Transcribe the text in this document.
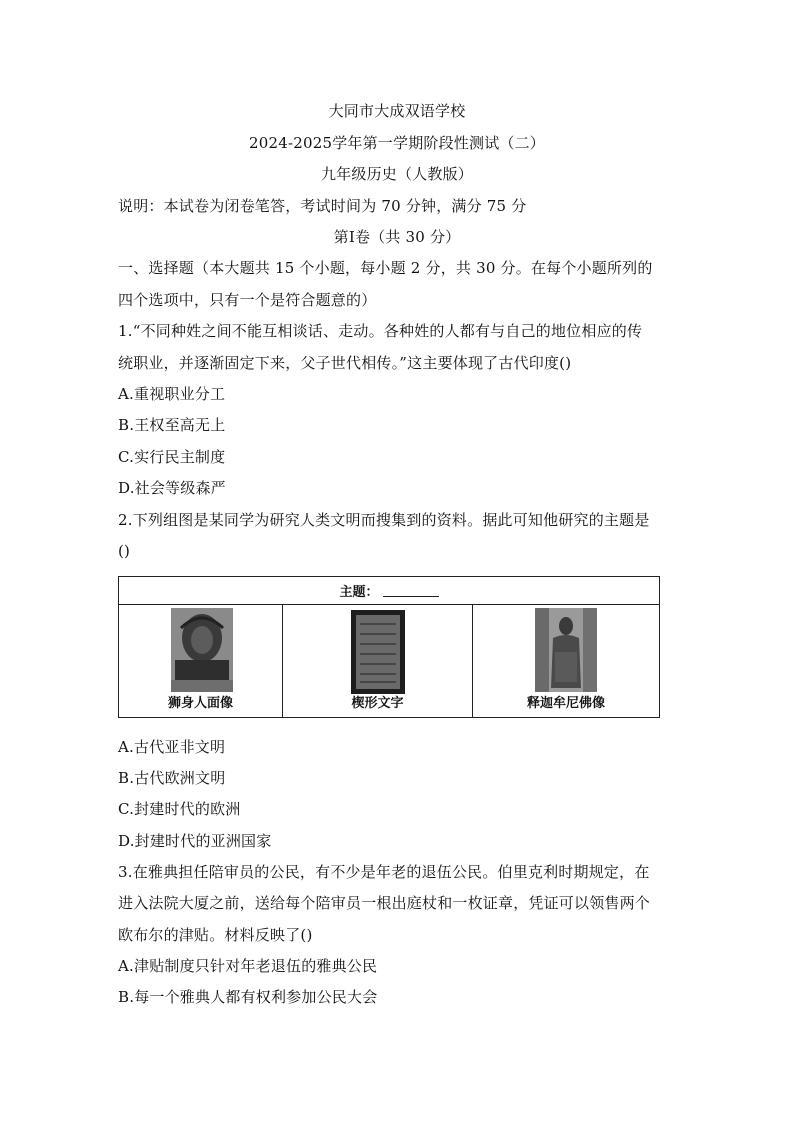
大同市大成双语学校
2024-2025学年第一学期阶段性测试（二）
九年级历史（人教版）
说明：本试卷为闭卷笔答，考试时间为 70 分钟，满分 75 分
第Ⅰ卷（共 30 分）
一、选择题（本大题共 15 个小题，每小题 2 分，共 30 分。在每个小题所列的
四个选项中，只有一个是符合题意的）
1.“不同种姓之间不能互相谈话、走动。各种姓的人都有与自己的地位相应的传
统职业，并逐渐固定下来，父子世代相传。”这主要体现了古代印度()
A.重视职业分工
B.王权至高无上
C.实行民主制度
D.社会等级森严
2.下列组图是某同学为研究人类文明而搜集到的资料。据此可知他研究的主题是
()
主题：
狮身人面像	楔形文字	释迦牟尼佛像
A.古代亚非文明
B.古代欧洲文明
C.封建时代的欧洲
D.封建时代的亚洲国家
3.在雅典担任陪审员的公民，有不少是年老的退伍公民。伯里克利时期规定，在
进入法院大厦之前，送给每个陪审员一根出庭杖和一枚证章，凭证可以领售两个
欧布尔的津贴。材料反映了()
A.津贴制度只针对年老退伍的雅典公民
B.每一个雅典人都有权利参加公民大会
